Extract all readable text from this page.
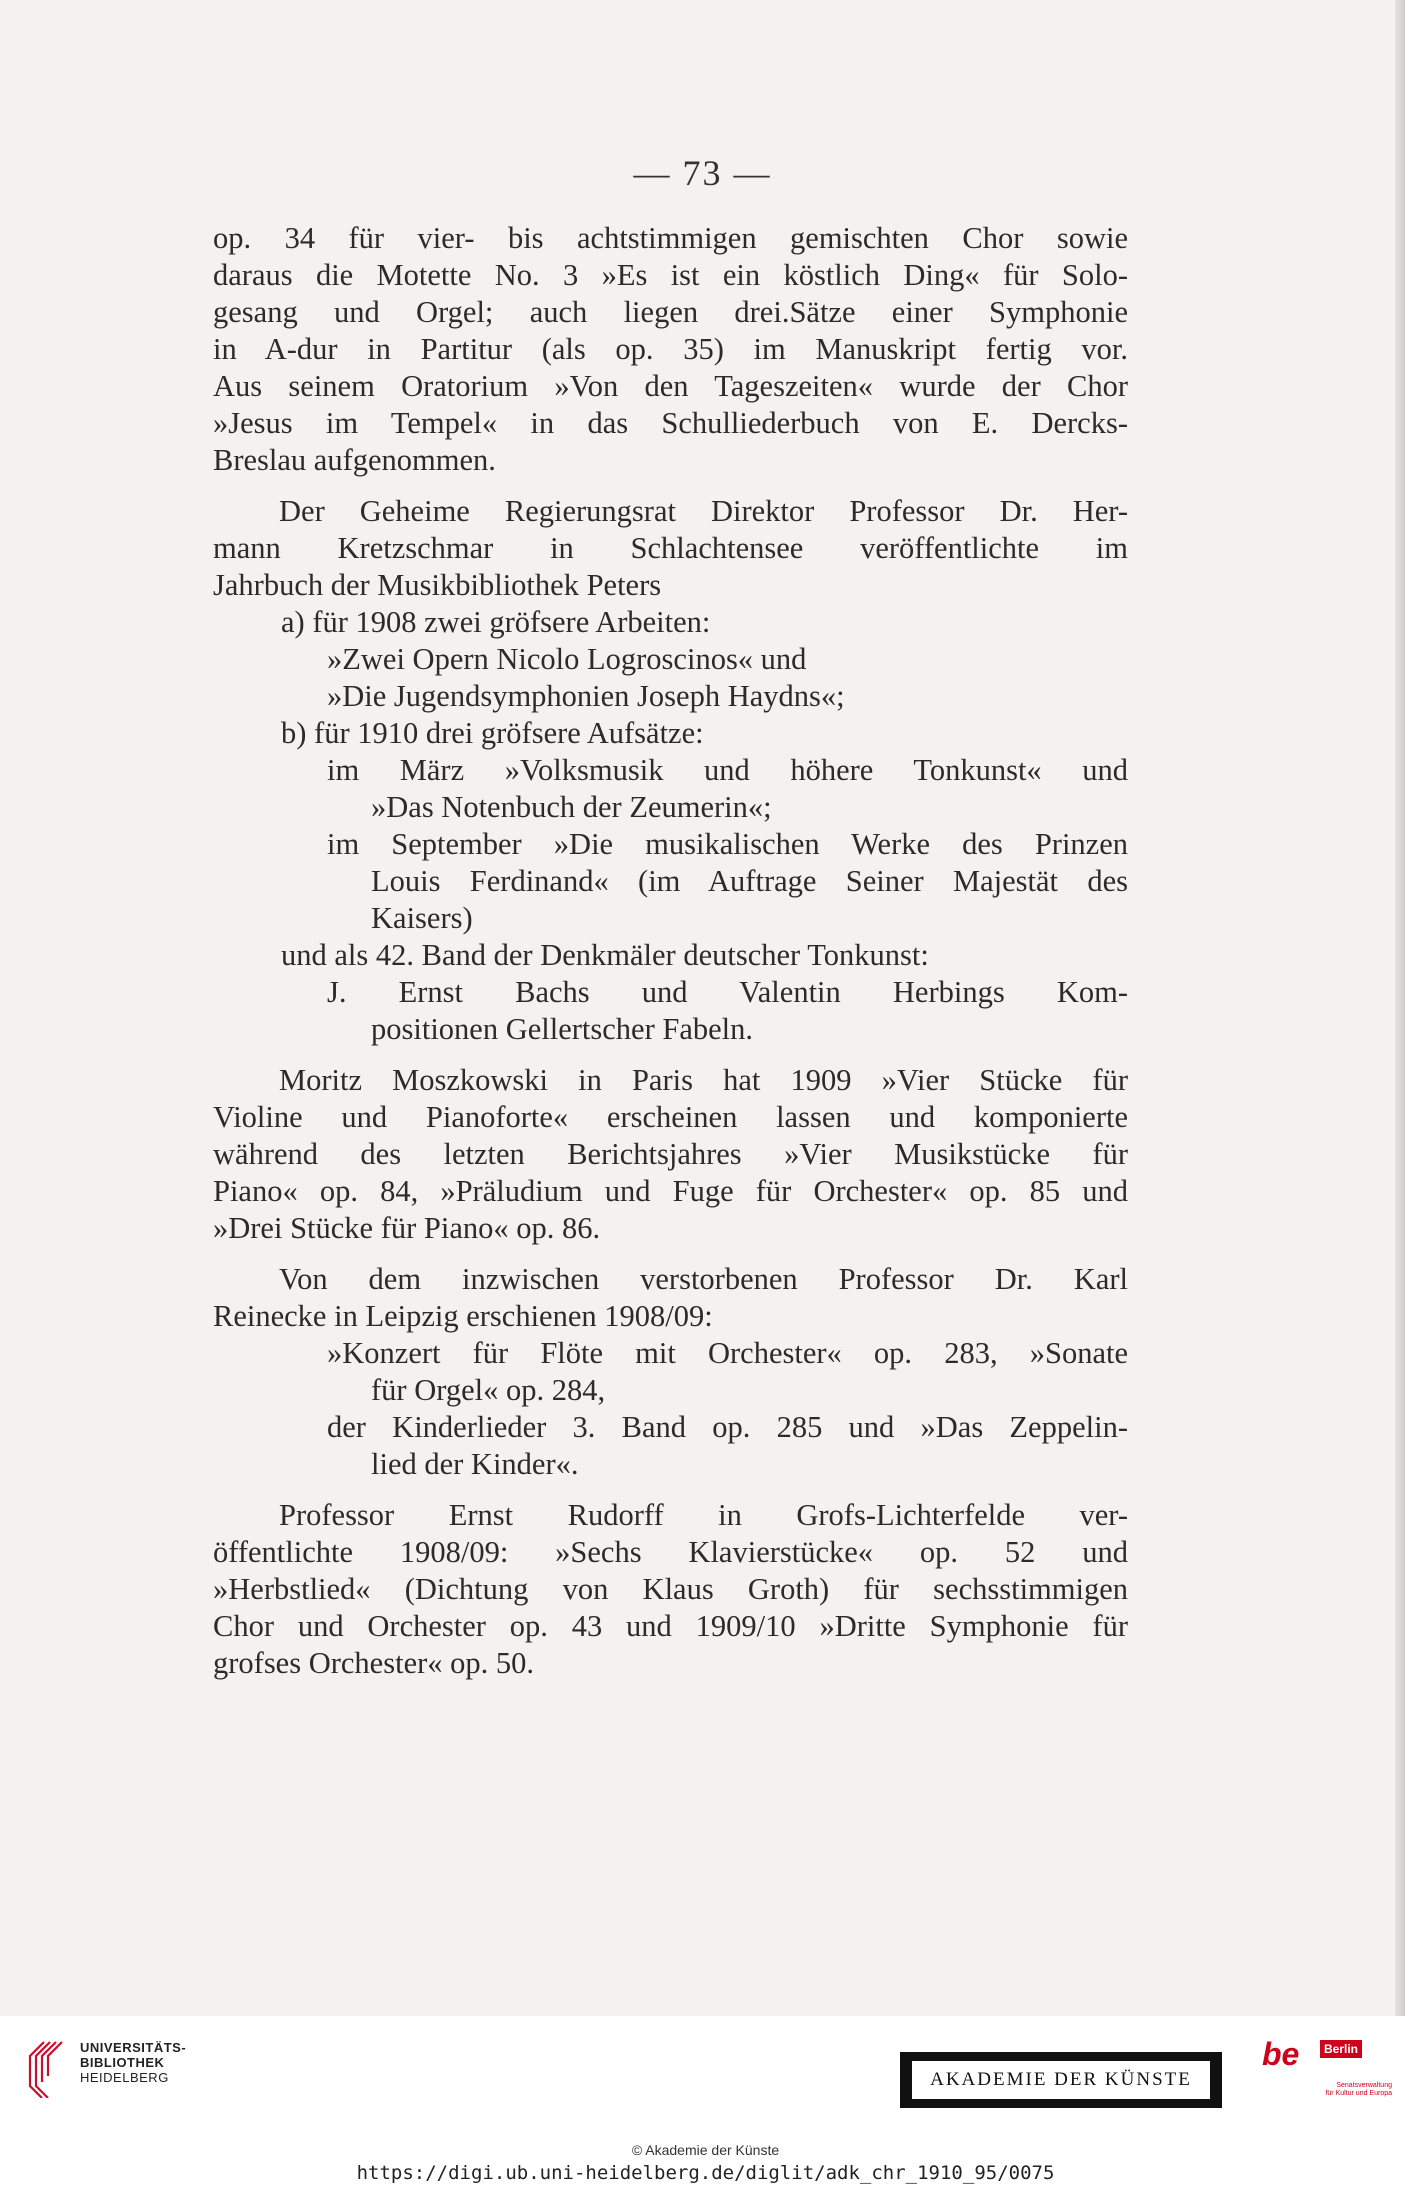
— 73 —

op. 34 für vier- bis achtstimmigen gemischten Chor sowie
daraus die Motette No. 3 »Es ist ein köstlich Ding« für Solo-
gesang und Orgel; auch liegen drei.Sätze einer Symphonie
in A-dur in Partitur (als op. 35) im Manuskript fertig vor.
Aus seinem Oratorium »Von den Tageszeiten« wurde der Chor
»Jesus im Tempel« in das Schulliederbuch von E. Dercks-
Breslau aufgenommen.

Der Geheime Regierungsrat Direktor Professor Dr. Her-
mann Kretzschmar in Schlachtensee veröffentlichte im
Jahrbuch der Musikbibliothek Peters

a) für 1908 zwei gröfsere Arbeiten:
»Zwei Opern Nicolo Logroscinos« und
»Die Jugendsymphonien Joseph Haydns«;
b) für 1910 drei gröfsere Aufsätze:
im März »Volksmusik und höhere Tonkunst« und
»Das Notenbuch der Zeumerin«;
im September »Die musikalischen Werke des Prinzen
Louis Ferdinand« (im Auftrage Seiner Majestät des
Kaisers)
und als 42. Band der Denkmäler deutscher Tonkunst:
J. Ernst Bachs und Valentin Herbings Kom-
positionen Gellertscher Fabeln.

Moritz Moszkowski in Paris hat 1909 »Vier Stücke für
Violine und Pianoforte« erscheinen lassen und komponierte
während des letzten Berichtsjahres »Vier Musikstücke für
Piano« op. 84, »Präludium und Fuge für Orchester« op. 85 und
»Drei Stücke für Piano« op. 86.

Von dem inzwischen verstorbenen Professor Dr. Karl
Reinecke in Leipzig erschienen 1908/09:

»Konzert für Flöte mit Orchester« op. 283, »Sonate
für Orgel« op. 284,
der Kinderlieder 3. Band op. 285 und »Das Zeppelin-
lied der Kinder«.

Professor Ernst Rudorff in Grofs-Lichterfelde ver-
öffentlichte 1908/09: »Sechs Klavierstücke« op. 52 und
»Herbstlied« (Dichtung von Klaus Groth) für sechsstimmigen
Chor und Orchester op. 43 und 1909/10 »Dritte Symphonie für
grofses Orchester« op. 50.

UNIVERSITÄTS-
BIBLIOTHEK
HEIDELBERG	AKADEMIE DER KÜNSTE
be	Berlin
Senatsverwaltung
für Kultur und Europa
© Akademie der Künste
https://digi.ub.uni-heidelberg.de/diglit/adk_chr_1910_95/0075
